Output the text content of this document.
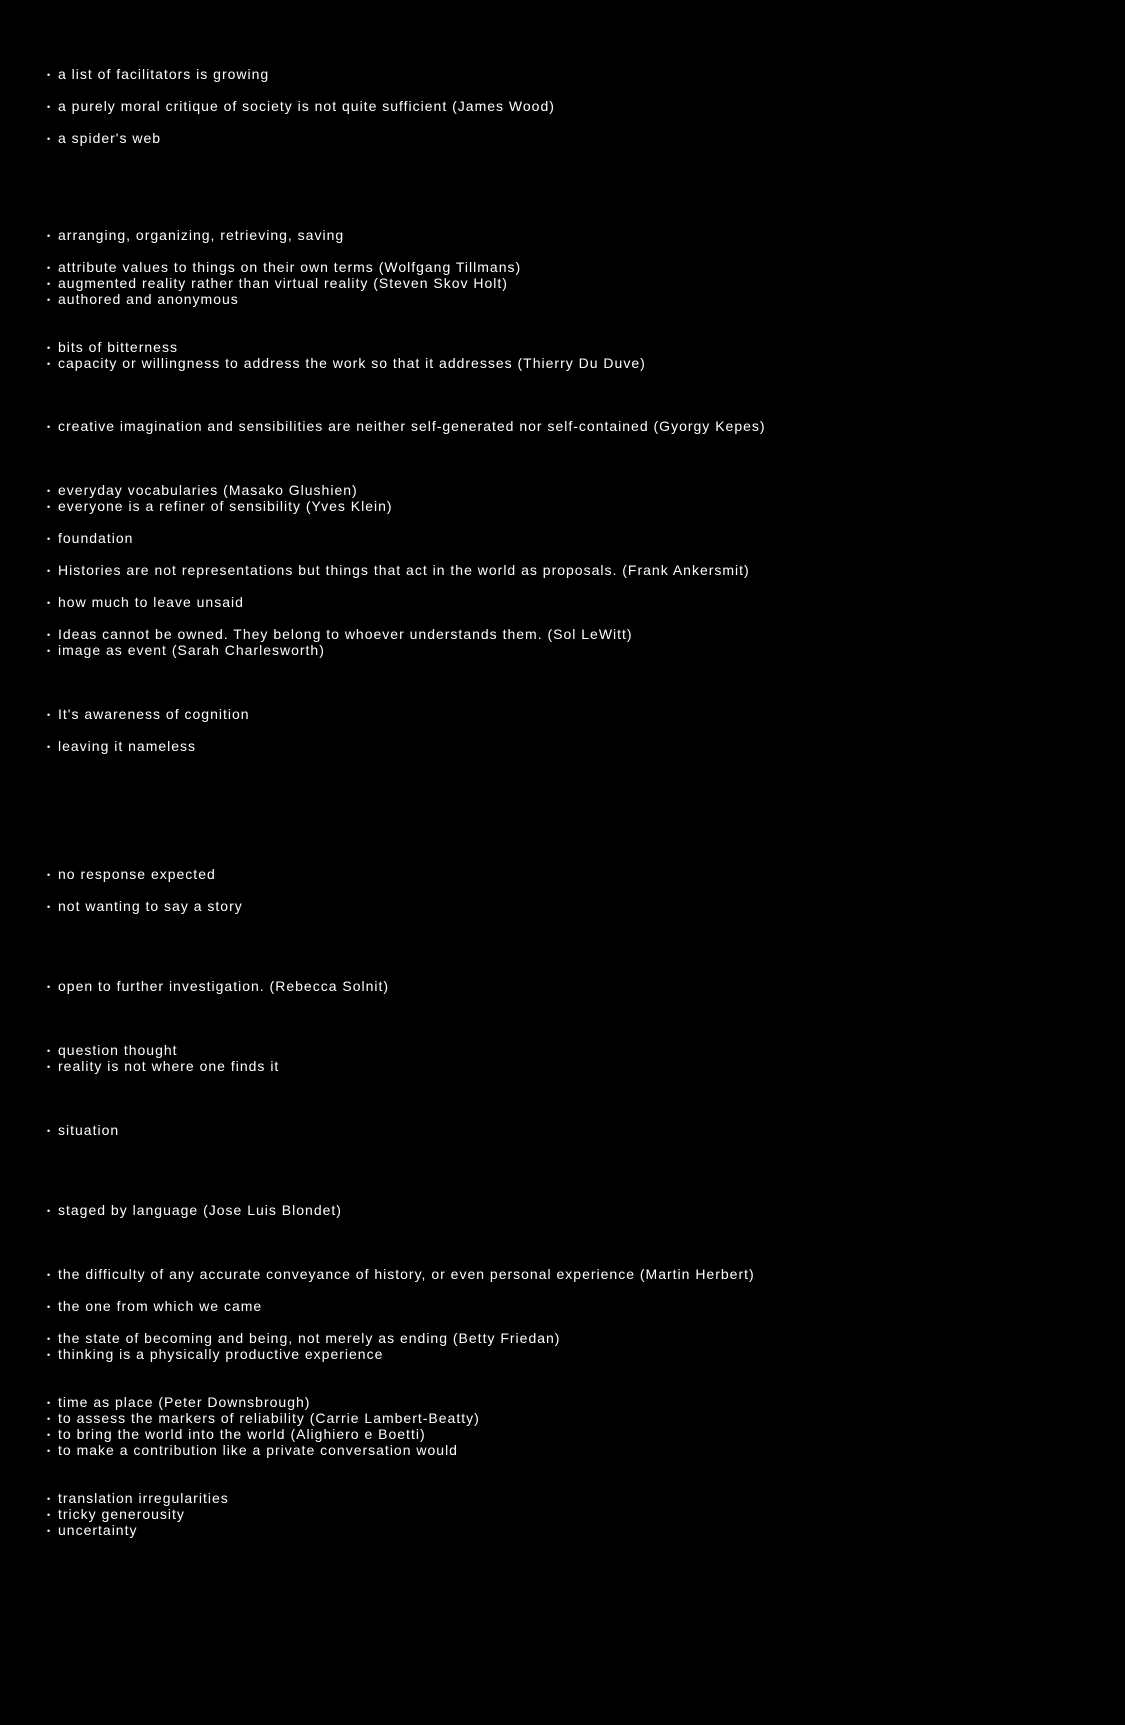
• a list of facilitators is growing
• a purely moral critique of society is not quite sufficient (James Wood)
• a spider's web
• arranging, organizing, retrieving, saving
• attribute values to things on their own terms (Wolfgang Tillmans)
• augmented reality rather than virtual reality (Steven Skov Holt)
• authored and anonymous
• bits of bitterness
• capacity or willingness to address the work so that it addresses (Thierry Du Duve)
• creative imagination and sensibilities are neither self-generated nor self-contained (Gyorgy Kepes)
• everyday vocabularies (Masako Glushien)
• everyone is a refiner of sensibility (Yves Klein)
• foundation
• Histories are not representations but things that act in the world as proposals. (Frank Ankersmit)
• how much to leave unsaid
• Ideas cannot be owned. They belong to whoever understands them. (Sol LeWitt)
• image as event (Sarah Charlesworth)
• It's awareness of cognition
• leaving it nameless
• no response expected
• not wanting to say a story
• open to further investigation. (Rebecca Solnit)
• question thought
• reality is not where one finds it
• situation
• staged by language (Jose Luis Blondet)
• the difficulty of any accurate conveyance of history, or even personal experience (Martin Herbert)
• the one from which we came
• the state of becoming and being, not merely as ending (Betty Friedan)
• thinking is a physically productive experience
• time as place (Peter Downsbrough)
• to assess the markers of reliability (Carrie Lambert-Beatty)
• to bring the world into the world (Alighiero e Boetti)
• to make a contribution like a private conversation would
• translation irregularities
• tricky generousity
• uncertainty
